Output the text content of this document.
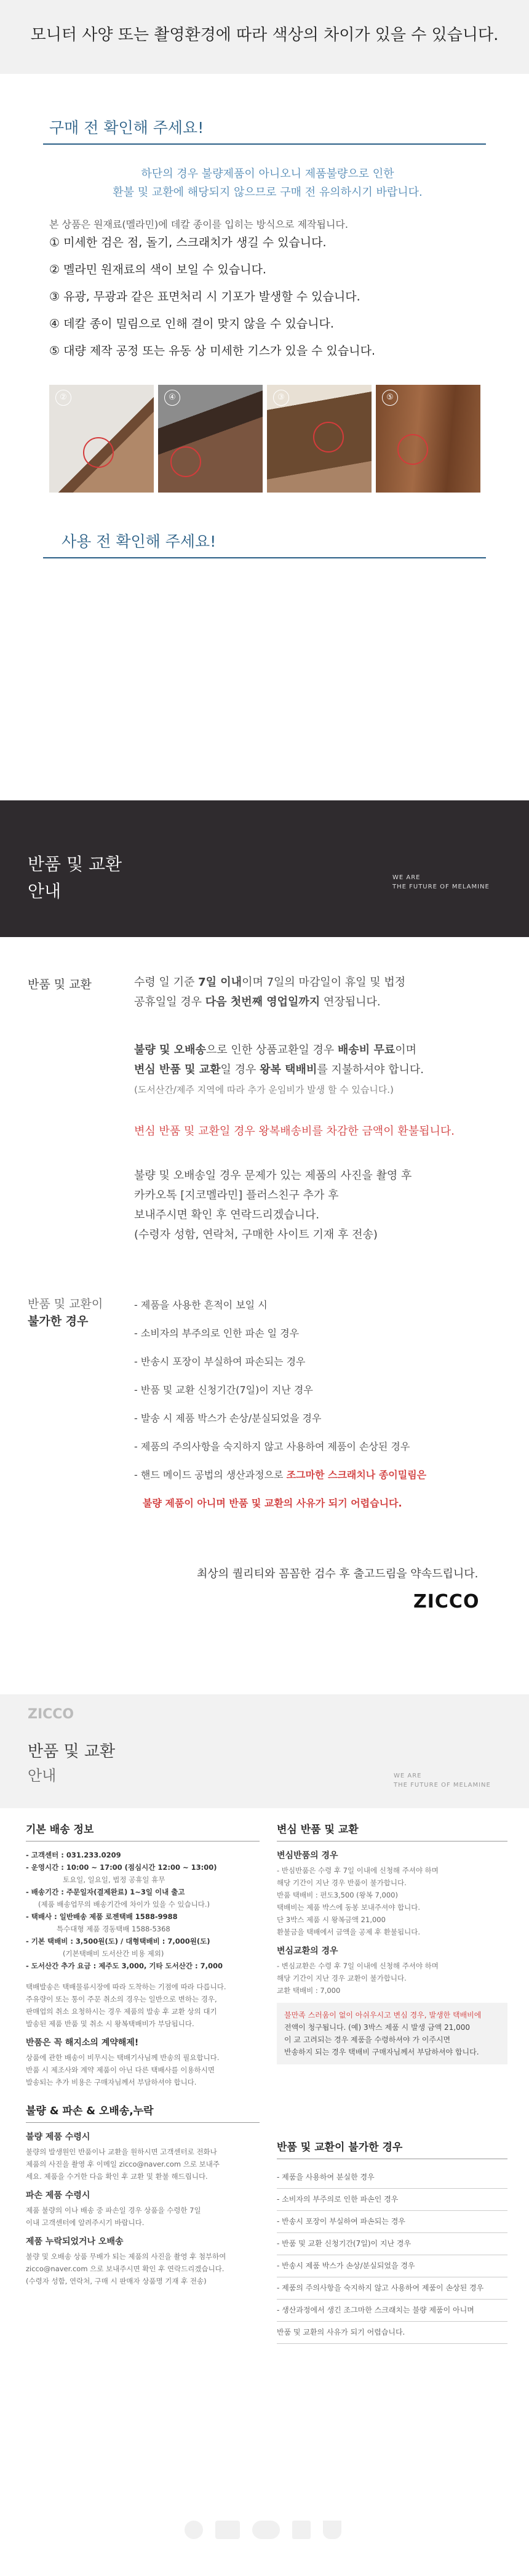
모니터 사양 또는 촬영환경에 따라 색상의 차이가 있을 수 있습니다.
구매 전 확인해 주세요!
하단의 경우 불량제품이 아니오니 제품불량으로 인한
환불 및 교환에 해당되지 않으므로 구매 전 유의하시기 바랍니다.
본 상품은 원재료(멜라민)에 데칼 종이를 입히는 방식으로 제작됩니다.
① 미세한 검은 점, 돌기, 스크래치가 생길 수 있습니다.
② 멜라민 원재료의 색이 보일 수 있습니다.
③ 유광, 무광과 같은 표면처리 시 기포가 발생할 수 있습니다.
④ 데칼 종이 밀림으로 인해 결이 맞지 않을 수 있습니다.
⑤ 대량 제작 공정 또는 유동 상 미세한 기스가 있을 수 있습니다.
②	④	③	⑤
사용 전 확인해 주세요!
반품 및 교환
안내
WE ARE
THE FUTURE OF MELAMINE
반품 및 교환	수령 일 기준 7일 이내이며 7일의 마감일이 휴일 및 법정
공휴일일 경우 다음 첫번째 영업일까지 연장됩니다.
불량 및 오배송으로 인한 상품교환일 경우 배송비 무료이며
변심 반품 및 교환일 경우 왕복 택배비를 지불하셔야 합니다.
(도서산간/제주 지역에 따라 추가 운임비가 발생 할 수 있습니다.)
변심 반품 및 교환일 경우 왕복배송비를 차감한 금액이 환불됩니다.
불량 및 오배송일 경우 문제가 있는 제품의 사진을 촬영 후
카카오톡 [지코멜라민] 플러스친구 추가 후
보내주시면 확인 후 연락드리겠습니다.
(수령자 성함, 연락처, 구매한 사이트 기재 후 전송)
반품 및 교환이
불가한 경우
- 제품을 사용한 흔적이 보일 시
- 소비자의 부주의로 인한 파손 일 경우
- 반송시 포장이 부실하여 파손되는 경우
- 반품 및 교환 신청기간(7일)이 지난 경우
- 발송 시 제품 박스가 손상/분실되었을 경우
- 제품의 주의사항을 숙지하지 않고 사용하여 제품이 손상된 경우
- 핸드 메이드 공법의 생산과정으로 조그마한 스크래치나 종이밀림은
불량 제품이 아니며 반품 및 교환의 사유가 되기 어렵습니다.
최상의 퀄리티와 꼼꼼한 검수 후 출고드림을 약속드립니다.
ZICCO
ZICCO
반품 및 교환
안내	WE ARE
THE FUTURE OF MELAMINE
기본 배송 정보

- 고객센터 : 031.233.0209

- 운영시간 : 10:00 ~ 17:00 (점심시간 12:00 ~ 13:00)

토요일, 일요일, 법정 공휴일 휴무

- 배송기간 : 주문일자(결제완료) 1~3일 이내 출고

(제품 배송업무의 배송기간에 차이가 있을 수 있습니다.)

- 택배사 : 일반배송 제품 로젠택배 1588-9988

특수대형 제품 경동택배 1588-5368

- 기본 택배비 : 3,500원(도) / 대형택배비 : 7,000원(도)

(기본택배비 도서산간 비용 제외)

- 도서산간 추가 요금 : 제주도 3,000, 기타 도서산간 : 7,000

택배발송은 택배물류시장에 따라 도착하는 기점에 따라 다릅니다.

주유량이 또는 통이 주문 취소의 경우는 일반으로 변하는 경우,

판매업의 취소 요청하시는 경우 제품의 발송 후 교환 상의 대기

발송된 제품 반품 및 취소 시 왕복택배비가 부담됩니다.

반품은 꼭 해지소의 계약해제!

상품에 관한 배송이 비무시는 택배기사님께 반송의 필요합니다.

반품 시 제조사와 계약 제품이 아닌 다른 택배사를 이용하시면

발송되는 추가 비용은 구매자님께서 부담하셔야 합니다.

불량 & 파손 & 오배송,누락
불량 제품 수령시

불량의 발생원인 반품이나 교환을 원하시면 고객센터로 전화나

제품의 사진을 촬영 후 이메일 zicco@naver.com 으로 보내주

세요. 제품을 수거한 다음 확인 후 교환 및 환불 해드립니다.

파손 제품 수령시

제품 불량의 이나 배송 중 파손일 경우 상품을 수령한 7일

이내 고객센터에 알려주시기 바랍니다.

제품 누락되었거나 오배송

불량 및 오배송 상품 무배가 되는 제품의 사진을 촬영 후 첨부하여

zicco@naver.com 으로 보내주시면 확인 후 연락드리겠습니다.

(수령자 성함, 연락처, 구매 시 판매자 상품명 기재 후 전송)

변심 반품 및 교환
변심반품의 경우

- 반심반품은 수령 후 7일 이내에 신청해 주셔야 하며

해당 기간이 지난 경우 반품이 불가합니다.

반품 택배비 : 편도3,500 (왕복 7,000)

택배비는 제품 박스에 동봉 보내주셔야 합니다.

단 3박스 제품 시 왕복금액 21,000

환불금을 택배에서 금액을 공제 후 환불됩니다.

변심교환의 경우

- 변심교환은 수령 후 7일 이내에 신청해 주셔야 하며

해당 기간이 지난 경우 교환이 불가합니다.

교환 택배비 : 7,000

불만족 스러움이 없이 아쉬우시고 변심 경우, 발생한 택배비에
전액이 청구됩니다. (예) 3박스 제품 시 발생 금액 21,000
이 교 고려되는 경우 제품을 수령하셔야 가 이주시면
반송하지 되는 경우 택배비 구매자님께서 부담하셔야 합니다.
반품 및 교환이 불가한 경우
- 제품을 사용하여 분실한 경우
- 소비자의 부주의로 인한 파손인 경우
- 반송시 포장이 부실하여 파손되는 경우
- 반품 및 교환 신청기간(7일)이 지난 경우
- 반송시 제품 박스가 손상/분실되었을 경우
- 제품의 주의사항을 숙지하지 않고 사용하여 제품이 손상된 경우
- 생산과정에서 생긴 조그마한 스크래치는 불량 제품이 아니며
반품 및 교환의 사유가 되기 어렵습니다.
